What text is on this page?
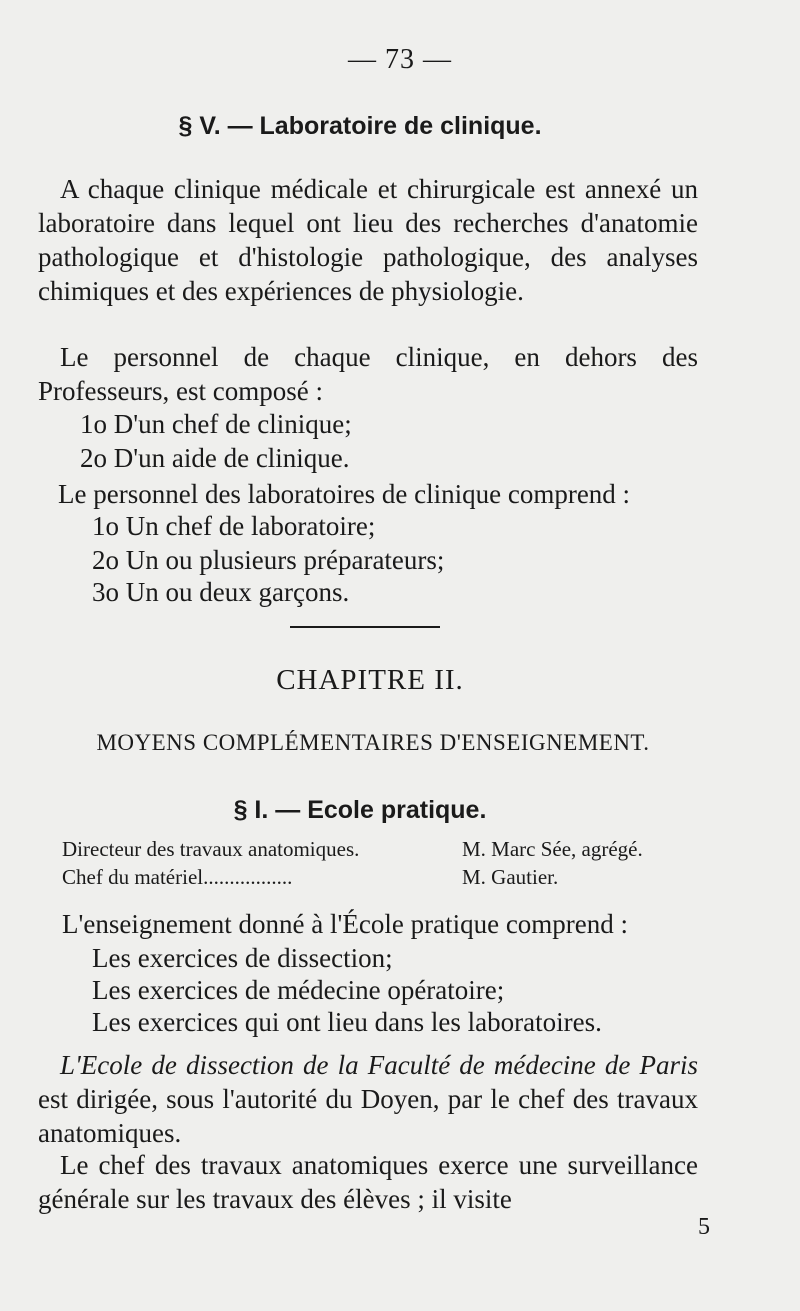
— 73 —
§ V. — Laboratoire de clinique.
A chaque clinique médicale et chirurgicale est annexé un laboratoire dans lequel ont lieu des recherches d'anatomie pathologique et d'histologie pathologique, des analyses chimiques et des expériences de physiologie.
Le personnel de chaque clinique, en dehors des Professeurs, est composé :
1o D'un chef de clinique;
2o D'un aide de clinique.
Le personnel des laboratoires de clinique comprend :
1o Un chef de laboratoire;
2o Un ou plusieurs préparateurs;
3o Un ou deux garçons.
CHAPITRE II.
MOYENS COMPLÉMENTAIRES D'ENSEIGNEMENT.
§ I. — Ecole pratique.
Directeur des travaux anatomiques.	M. Marc Sée, agrégé.
Chef du matériel.................	M. Gautier.
L'enseignement donné à l'École pratique comprend :
Les exercices de dissection;
Les exercices de médecine opératoire;
Les exercices qui ont lieu dans les laboratoires.
L'Ecole de dissection de la Faculté de médecine de Paris est dirigée, sous l'autorité du Doyen, par le chef des travaux anatomiques.
Le chef des travaux anatomiques exerce une surveillance générale sur les travaux des élèves ; il visite
5
